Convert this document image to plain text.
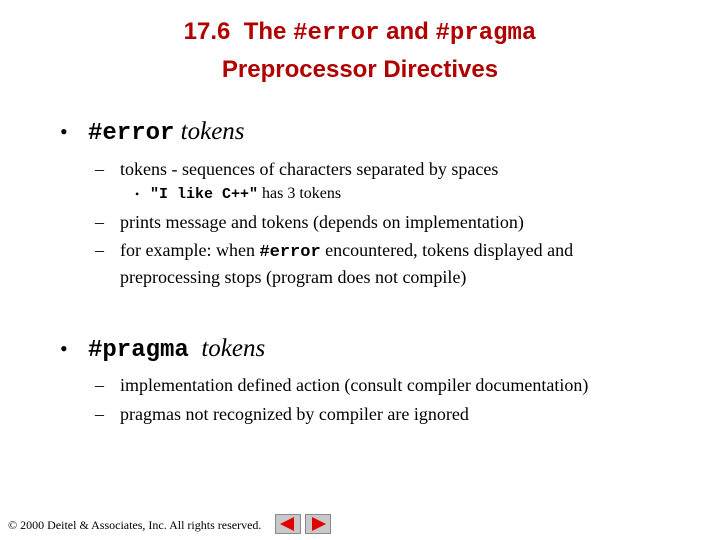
17.6 The #error and #pragma
Preprocessor Directives
• #error tokens
– tokens - sequences of characters separated by spaces
• "I like C++" has 3 tokens
– prints message and tokens (depends on implementation)
– for example: when #error encountered, tokens displayed and
preprocessing stops (program does not compile)
• #pragma tokens
– implementation defined action (consult compiler documentation)
– pragmas not recognized by compiler are ignored
© 2000 Deitel & Associates, Inc. All rights reserved.
